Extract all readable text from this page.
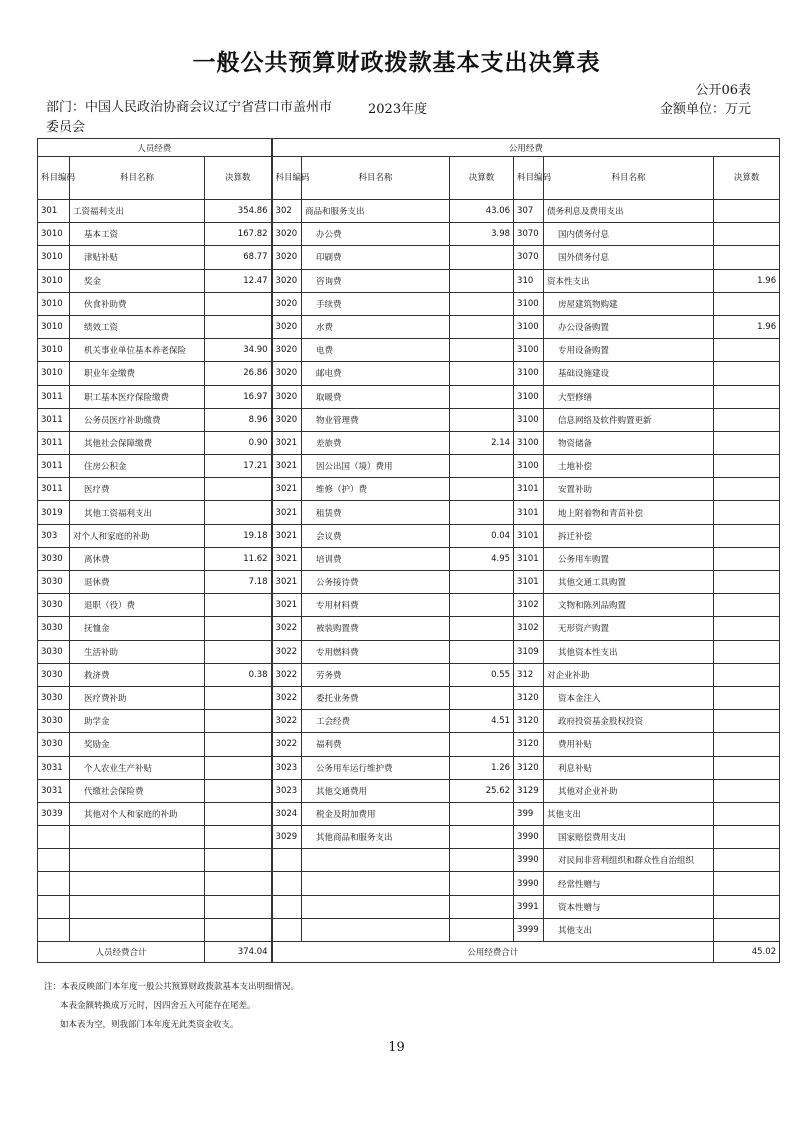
一般公共预算财政拨款基本支出决算表
公开06表
部门：中国人民政治协商会议辽宁省营口市盖州市委员会
2023年度	金额单位：万元
人员经费			公用经费					
科目编码	科目名称	决算数	科目编码	科目名称	决算数	科目编码	科目名称	决算数
301	工资福利支出	354.86	302	商品和服务支出	43.06	307	债务利息及费用支出	
3010	基本工资	167.82	3020	办公费	3.98	3070	国内债务付息	
3010	津贴补贴	68.77	3020	印刷费		3070	国外债务付息	
3010	奖金	12.47	3020	咨询费		310	资本性支出	1.96
3010	伙食补助费		3020	手续费		3100	房屋建筑物购建	
3010	绩效工资		3020	水费		3100	办公设备购置	1.96
3010	机关事业单位基本养老保险	34.90	3020	电费		3100	专用设备购置	
3010	职业年金缴费	26.86	3020	邮电费		3100	基础设施建设	
3011	职工基本医疗保险缴费	16.97	3020	取暖费		3100	大型修缮	
3011	公务员医疗补助缴费	8.96	3020	物业管理费		3100	信息网络及软件购置更新	
3011	其他社会保障缴费	0.90	3021	差旅费	2.14	3100	物资储备	
3011	住房公积金	17.21	3021	因公出国（境）费用		3100	土地补偿	
3011	医疗费		3021	维修（护）费		3101	安置补助	
3019	其他工资福利支出		3021	租赁费		3101	地上附着物和青苗补偿	
303	对个人和家庭的补助	19.18	3021	会议费	0.04	3101	拆迁补偿	
3030	离休费	11.62	3021	培训费	4.95	3101	公务用车购置	
3030	退休费	7.18	3021	公务接待费		3101	其他交通工具购置	
3030	退职（役）费		3021	专用材料费		3102	文物和陈列品购置	
3030	抚恤金		3022	被装购置费		3102	无形资产购置	
3030	生活补助		3022	专用燃料费		3109	其他资本性支出	
3030	救济费	0.38	3022	劳务费	0.55	312	对企业补助	
3030	医疗费补助		3022	委托业务费		3120	资本金注入	
3030	助学金		3022	工会经费	4.51	3120	政府投资基金股权投资	
3030	奖励金		3022	福利费		3120	费用补贴	
3031	个人农业生产补贴		3023	公务用车运行维护费	1.26	3120	利息补贴	
3031	代缴社会保险费		3023	其他交通费用	25.62	3129	其他对企业补助	
3039	其他对个人和家庭的补助		3024	税金及附加费用		399	其他支出	
			3029	其他商品和服务支出		3990	国家赔偿费用支出	
						3990	对民间非营利组织和群众性自治组织	
						3990	经常性赠与	
						3991	资本性赠与	
						3999	其他支出	
人员经费合计		374.04	公用经费合计					45.02
注：本表反映部门本年度一般公共预算财政拨款基本支出明细情况。
本表金额转换成万元时，因四舍五入可能存在尾差。
如本表为空，则我部门本年度无此类资金收支。
19
